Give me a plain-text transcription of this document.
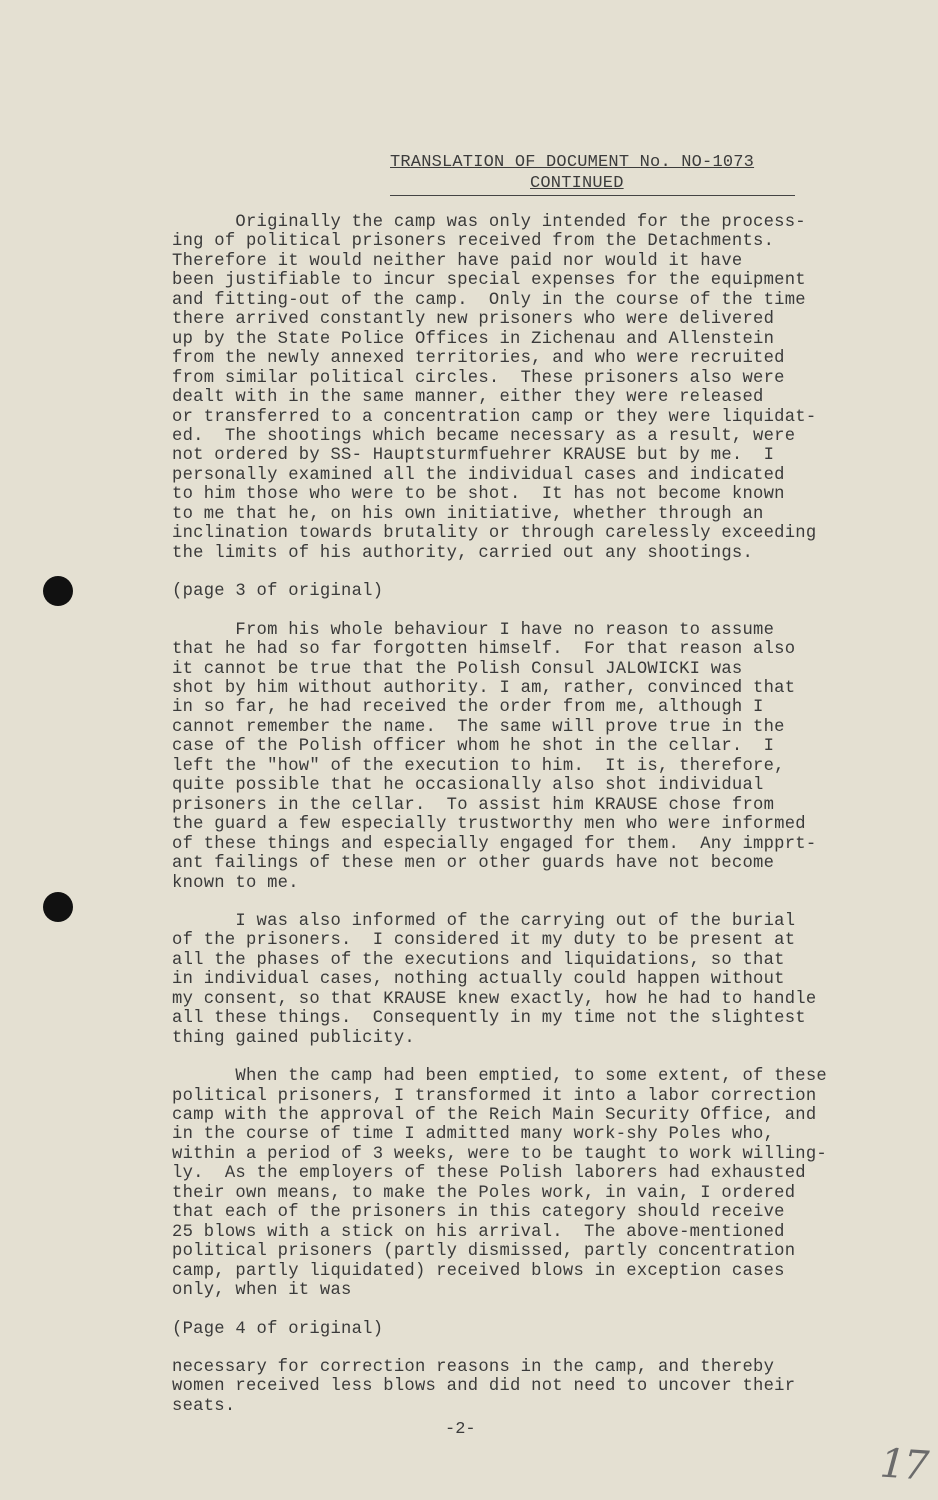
TRANSLATION OF DOCUMENT No. NO-1073
CONTINUED

Originally the camp was only intended for the process-

ing of political prisoners received from the Detachments.

Therefore it would neither have paid nor would it have

been justifiable to incur special expenses for the equipment

and fitting-out of the camp.  Only in the course of the time

there arrived constantly new prisoners who were delivered

up by the State Police Offices in Zichenau and Allenstein

from the newly annexed territories, and who were recruited

from similar political circles.  These prisoners also were

dealt with in the same manner, either they were released

or transferred to a concentration camp or they were liquidat-

ed.  The shootings which became necessary as a result, were

not ordered by SS- Hauptsturmfuehrer KRAUSE but by me.  I

personally examined all the individual cases and indicated

to him those who were to be shot.  It has not become known

to me that he, on his own initiative, whether through an

inclination towards brutality or through carelessly exceeding

the limits of his authority, carried out any shootings.

(page 3 of original)

From his whole behaviour I have no reason to assume

that he had so far forgotten himself.  For that reason also

it cannot be true that the Polish Consul JALOWICKI was

shot by him without authority. I am, rather, convinced that

in so far, he had received the order from me, although I

cannot remember the name.  The same will prove true in the

case of the Polish officer whom he shot in the cellar.  I

left the "how" of the execution to him.  It is, therefore,

quite possible that he occasionally also shot individual

prisoners in the cellar.  To assist him KRAUSE chose from

the guard a few especially trustworthy men who were informed

of these things and especially engaged for them.  Any impprt-

ant failings of these men or other guards have not become

known to me.

I was also informed of the carrying out of the burial

of the prisoners.  I considered it my duty to be present at

all the phases of the executions and liquidations, so that

in individual cases, nothing actually could happen without

my consent, so that KRAUSE knew exactly, how he had to handle

all these things.  Consequently in my time not the slightest

thing gained publicity.

When the camp had been emptied, to some extent, of these

political prisoners, I transformed it into a labor correction

camp with the approval of the Reich Main Security Office, and

in the course of time I admitted many work-shy Poles who,

within a period of 3 weeks, were to be taught to work willing-

ly.  As the employers of these Polish laborers had exhausted

their own means, to make the Poles work, in vain, I ordered

that each of the prisoners in this category should receive

25 blows with a stick on his arrival.  The above-mentioned

political prisoners (partly dismissed, partly concentration

camp, partly liquidated) received blows in exception cases

only, when it was

(Page 4 of original)

necessary for correction reasons in the camp, and thereby

women received less blows and did not need to uncover their

seats.

-2-
17
